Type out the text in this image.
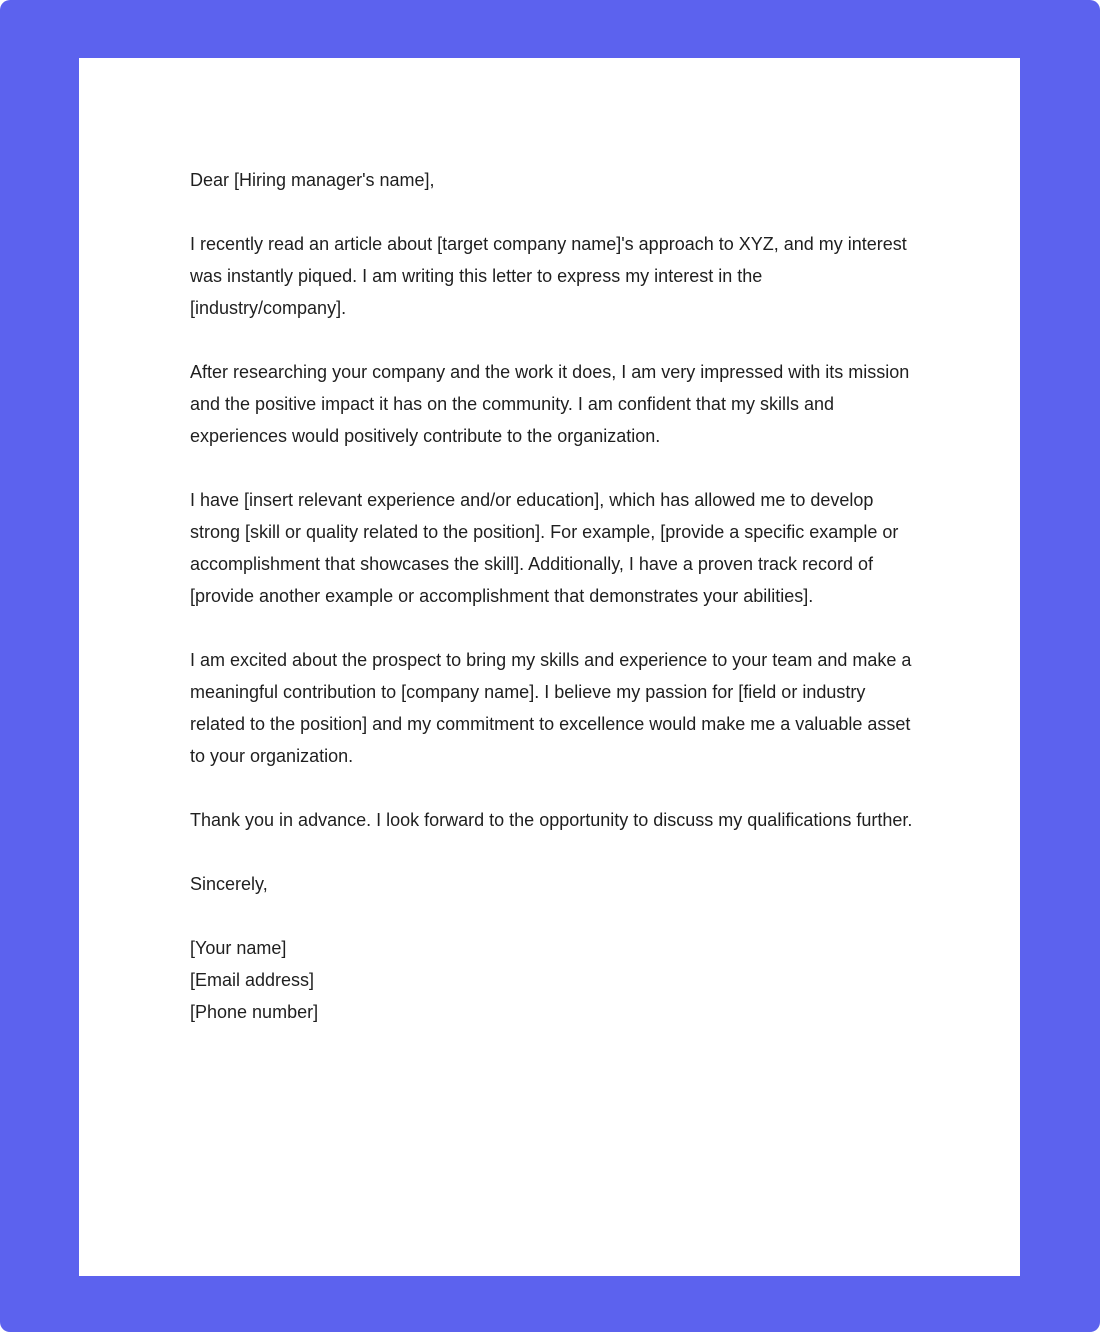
Dear [Hiring manager's name],

I recently read an article about [target company name]'s approach to XYZ, and my interest was instantly piqued. I am writing this letter to express my interest in the [industry/company].

After researching your company and the work it does, I am very impressed with its mission and the positive impact it has on the community. I am confident that my skills and experiences would positively contribute to the organization.

I have [insert relevant experience and/or education], which has allowed me to develop strong [skill or quality related to the position]. For example, [provide a specific example or accomplishment that showcases the skill]. Additionally, I have a proven track record of [provide another example or accomplishment that demonstrates your abilities].

I am excited about the prospect to bring my skills and experience to your team and make a meaningful contribution to [company name]. I believe my passion for [field or industry related to the position] and my commitment to excellence would make me a valuable asset to your organization.

Thank you in advance. I look forward to the opportunity to discuss my qualifications further.

Sincerely,

[Your name]
[Email address]
[Phone number]
